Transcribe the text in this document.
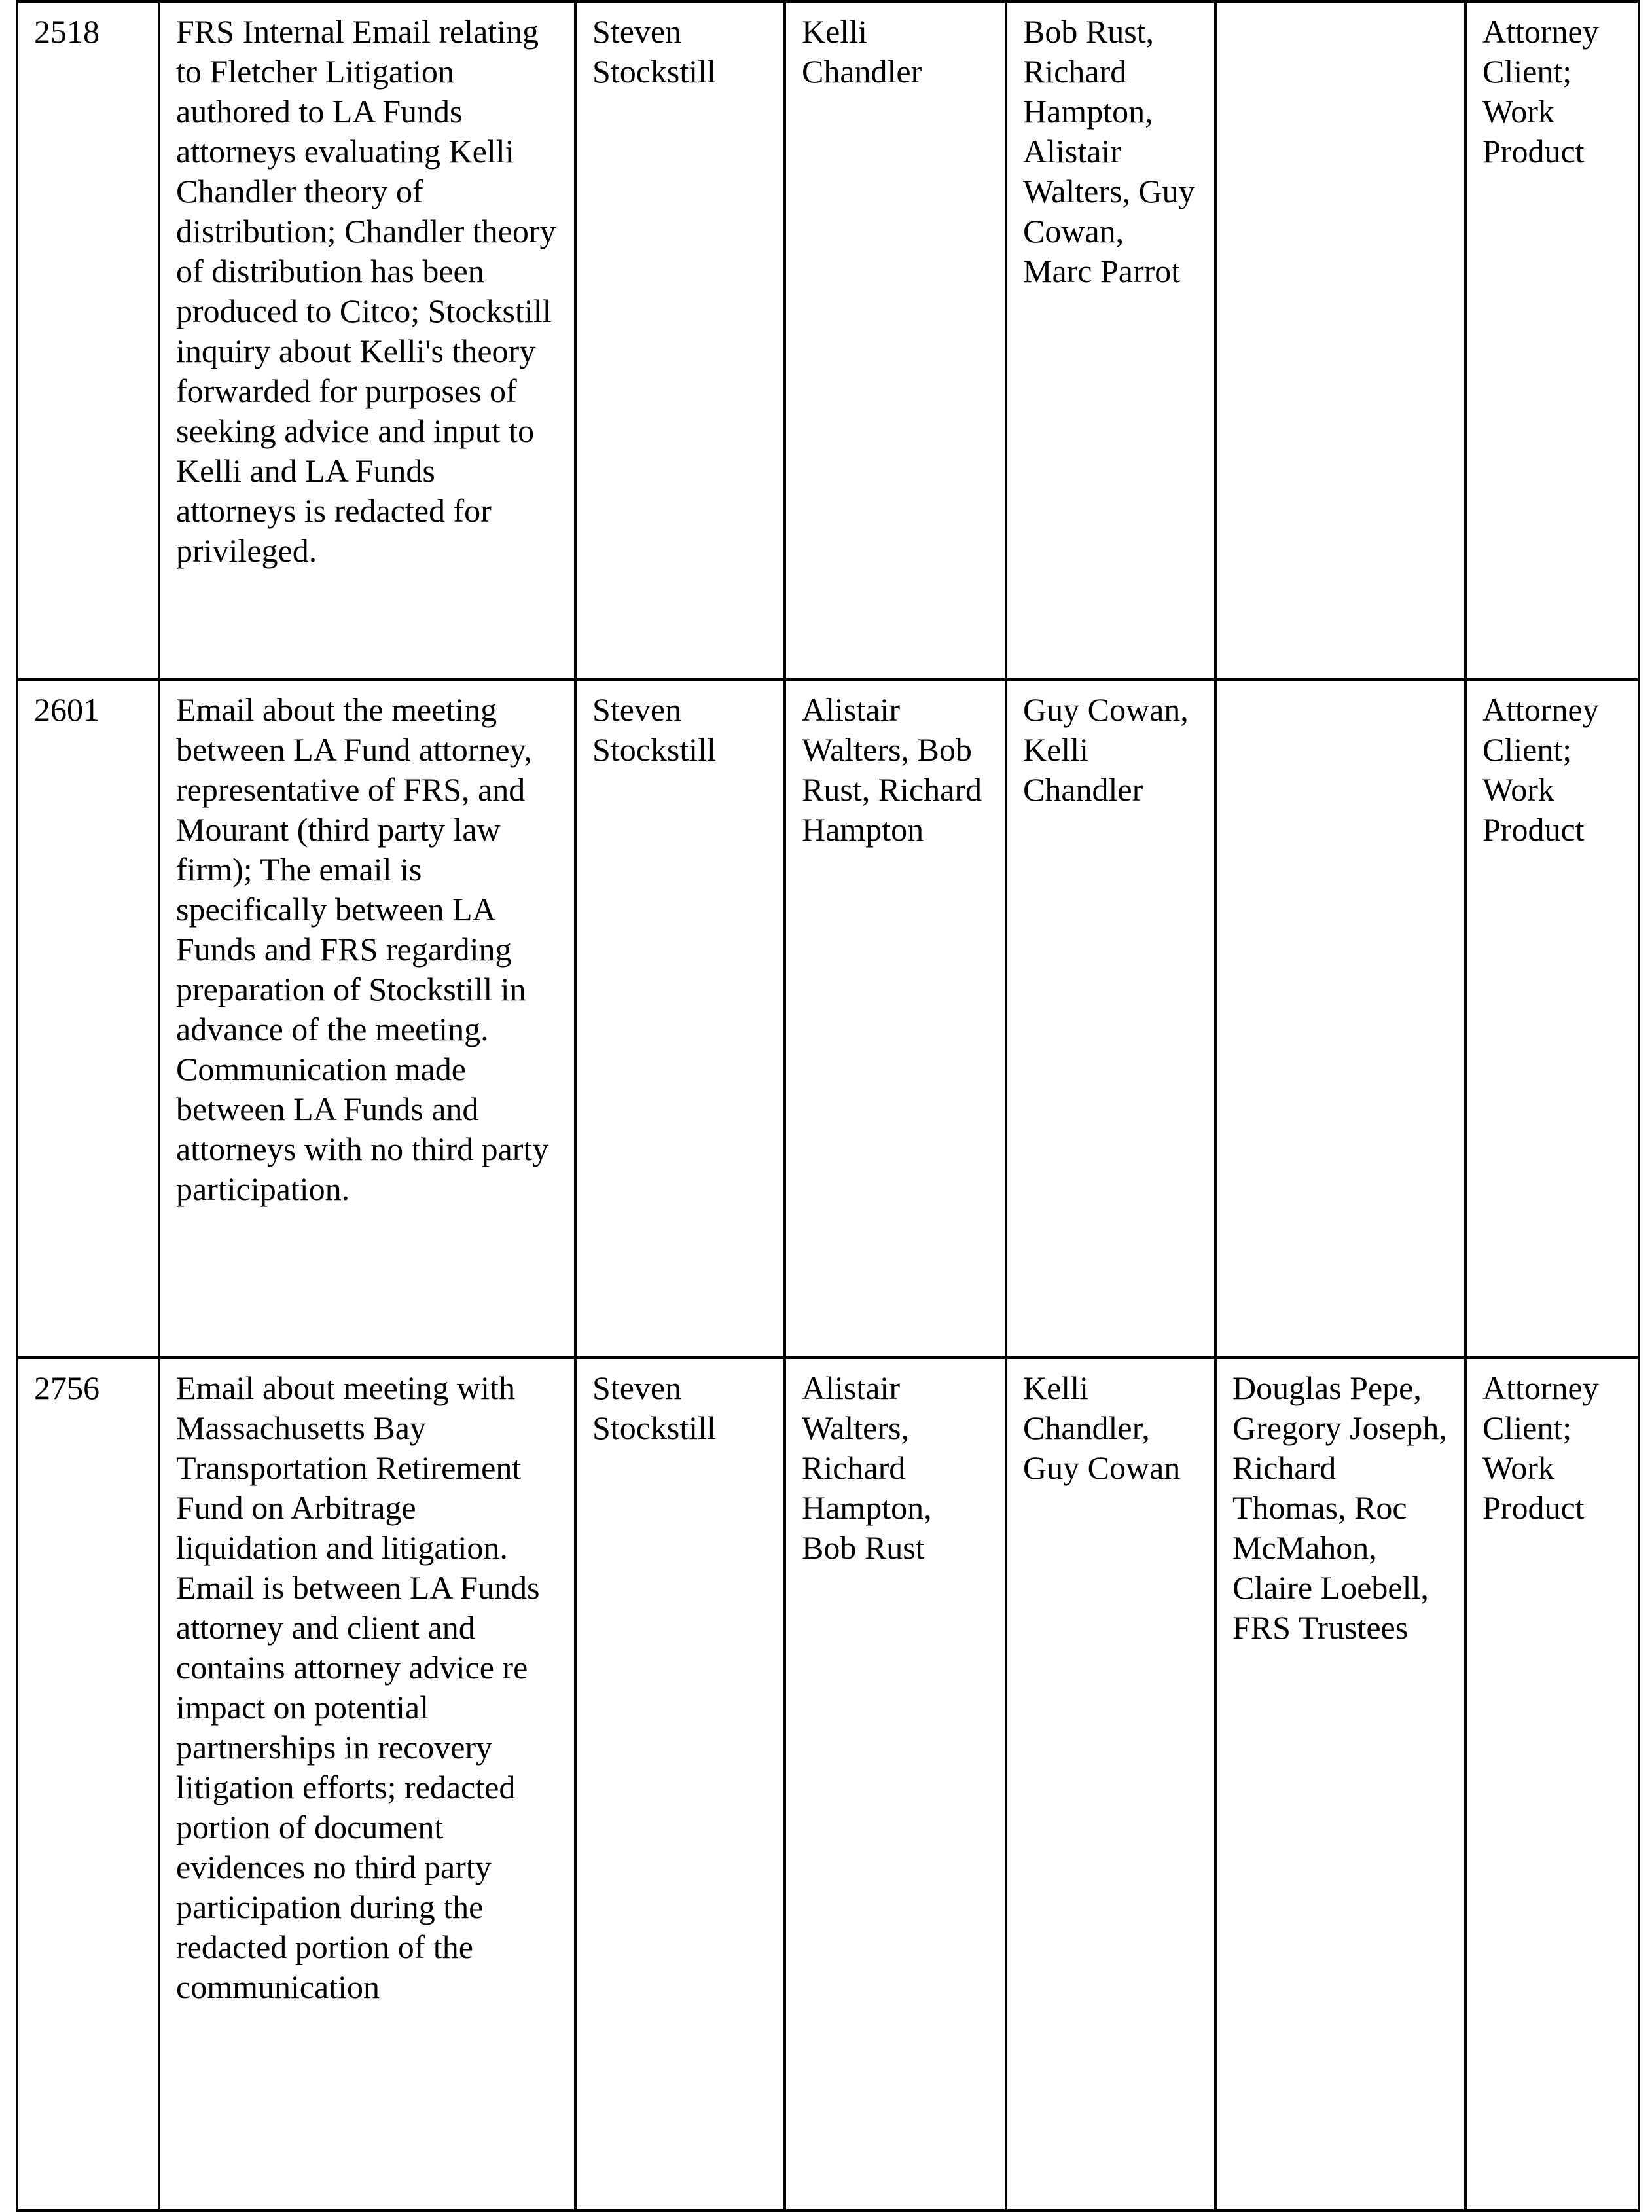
2518	FRS Internal Email relating to Fletcher Litigation authored to LA Funds attorneys evaluating Kelli Chandler theory of distribution; Chandler theory of distribution has been produced to Citco; Stockstill inquiry about Kelli's theory forwarded for purposes of seeking advice and input to Kelli and LA Funds attorneys is redacted for privileged.	Steven Stockstill	Kelli Chandler	Bob Rust, Richard Hampton, Alistair Walters, Guy Cowan, Marc Parrot		Attorney Client; Work Product
2601	Email about the meeting between LA Fund attorney, representative of FRS, and Mourant (third party law firm); The email is specifically between LA Funds and FRS regarding preparation of Stockstill in advance of the meeting. Communication made between LA Funds and attorneys with no third party participation.	Steven Stockstill	Alistair Walters, Bob Rust, Richard Hampton	Guy Cowan, Kelli Chandler		Attorney Client; Work Product
2756	Email about meeting with Massachusetts Bay Transportation Retirement Fund on Arbitrage liquidation and litigation. Email is between LA Funds attorney and client and contains attorney advice re impact on potential partnerships in recovery litigation efforts; redacted portion of document evidences no third party participation during the redacted portion of the communication	Steven Stockstill	Alistair Walters, Richard Hampton, Bob Rust	Kelli Chandler, Guy Cowan	Douglas Pepe, Gregory Joseph, Richard Thomas, Roc McMahon, Claire Loebell, FRS Trustees	Attorney Client; Work Product
